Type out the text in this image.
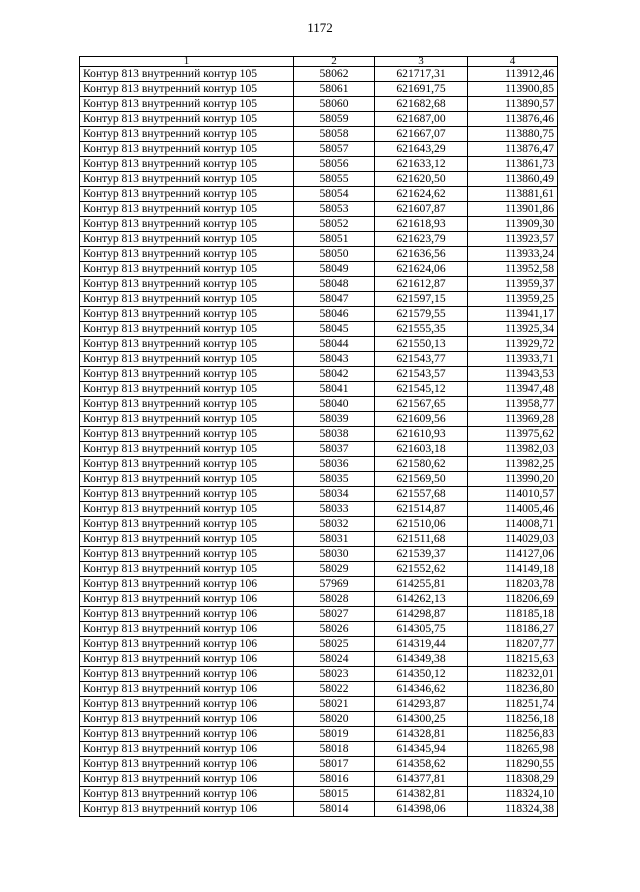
1172
1	2	3	4
Контур 813 внутренний контур 105	58062	621717,31	113912,46
Контур 813 внутренний контур 105	58061	621691,75	113900,85
Контур 813 внутренний контур 105	58060	621682,68	113890,57
Контур 813 внутренний контур 105	58059	621687,00	113876,46
Контур 813 внутренний контур 105	58058	621667,07	113880,75
Контур 813 внутренний контур 105	58057	621643,29	113876,47
Контур 813 внутренний контур 105	58056	621633,12	113861,73
Контур 813 внутренний контур 105	58055	621620,50	113860,49
Контур 813 внутренний контур 105	58054	621624,62	113881,61
Контур 813 внутренний контур 105	58053	621607,87	113901,86
Контур 813 внутренний контур 105	58052	621618,93	113909,30
Контур 813 внутренний контур 105	58051	621623,79	113923,57
Контур 813 внутренний контур 105	58050	621636,56	113933,24
Контур 813 внутренний контур 105	58049	621624,06	113952,58
Контур 813 внутренний контур 105	58048	621612,87	113959,37
Контур 813 внутренний контур 105	58047	621597,15	113959,25
Контур 813 внутренний контур 105	58046	621579,55	113941,17
Контур 813 внутренний контур 105	58045	621555,35	113925,34
Контур 813 внутренний контур 105	58044	621550,13	113929,72
Контур 813 внутренний контур 105	58043	621543,77	113933,71
Контур 813 внутренний контур 105	58042	621543,57	113943,53
Контур 813 внутренний контур 105	58041	621545,12	113947,48
Контур 813 внутренний контур 105	58040	621567,65	113958,77
Контур 813 внутренний контур 105	58039	621609,56	113969,28
Контур 813 внутренний контур 105	58038	621610,93	113975,62
Контур 813 внутренний контур 105	58037	621603,18	113982,03
Контур 813 внутренний контур 105	58036	621580,62	113982,25
Контур 813 внутренний контур 105	58035	621569,50	113990,20
Контур 813 внутренний контур 105	58034	621557,68	114010,57
Контур 813 внутренний контур 105	58033	621514,87	114005,46
Контур 813 внутренний контур 105	58032	621510,06	114008,71
Контур 813 внутренний контур 105	58031	621511,68	114029,03
Контур 813 внутренний контур 105	58030	621539,37	114127,06
Контур 813 внутренний контур 105	58029	621552,62	114149,18
Контур 813 внутренний контур 106	57969	614255,81	118203,78
Контур 813 внутренний контур 106	58028	614262,13	118206,69
Контур 813 внутренний контур 106	58027	614298,87	118185,18
Контур 813 внутренний контур 106	58026	614305,75	118186,27
Контур 813 внутренний контур 106	58025	614319,44	118207,77
Контур 813 внутренний контур 106	58024	614349,38	118215,63
Контур 813 внутренний контур 106	58023	614350,12	118232,01
Контур 813 внутренний контур 106	58022	614346,62	118236,80
Контур 813 внутренний контур 106	58021	614293,87	118251,74
Контур 813 внутренний контур 106	58020	614300,25	118256,18
Контур 813 внутренний контур 106	58019	614328,81	118256,83
Контур 813 внутренний контур 106	58018	614345,94	118265,98
Контур 813 внутренний контур 106	58017	614358,62	118290,55
Контур 813 внутренний контур 106	58016	614377,81	118308,29
Контур 813 внутренний контур 106	58015	614382,81	118324,10
Контур 813 внутренний контур 106	58014	614398,06	118324,38
